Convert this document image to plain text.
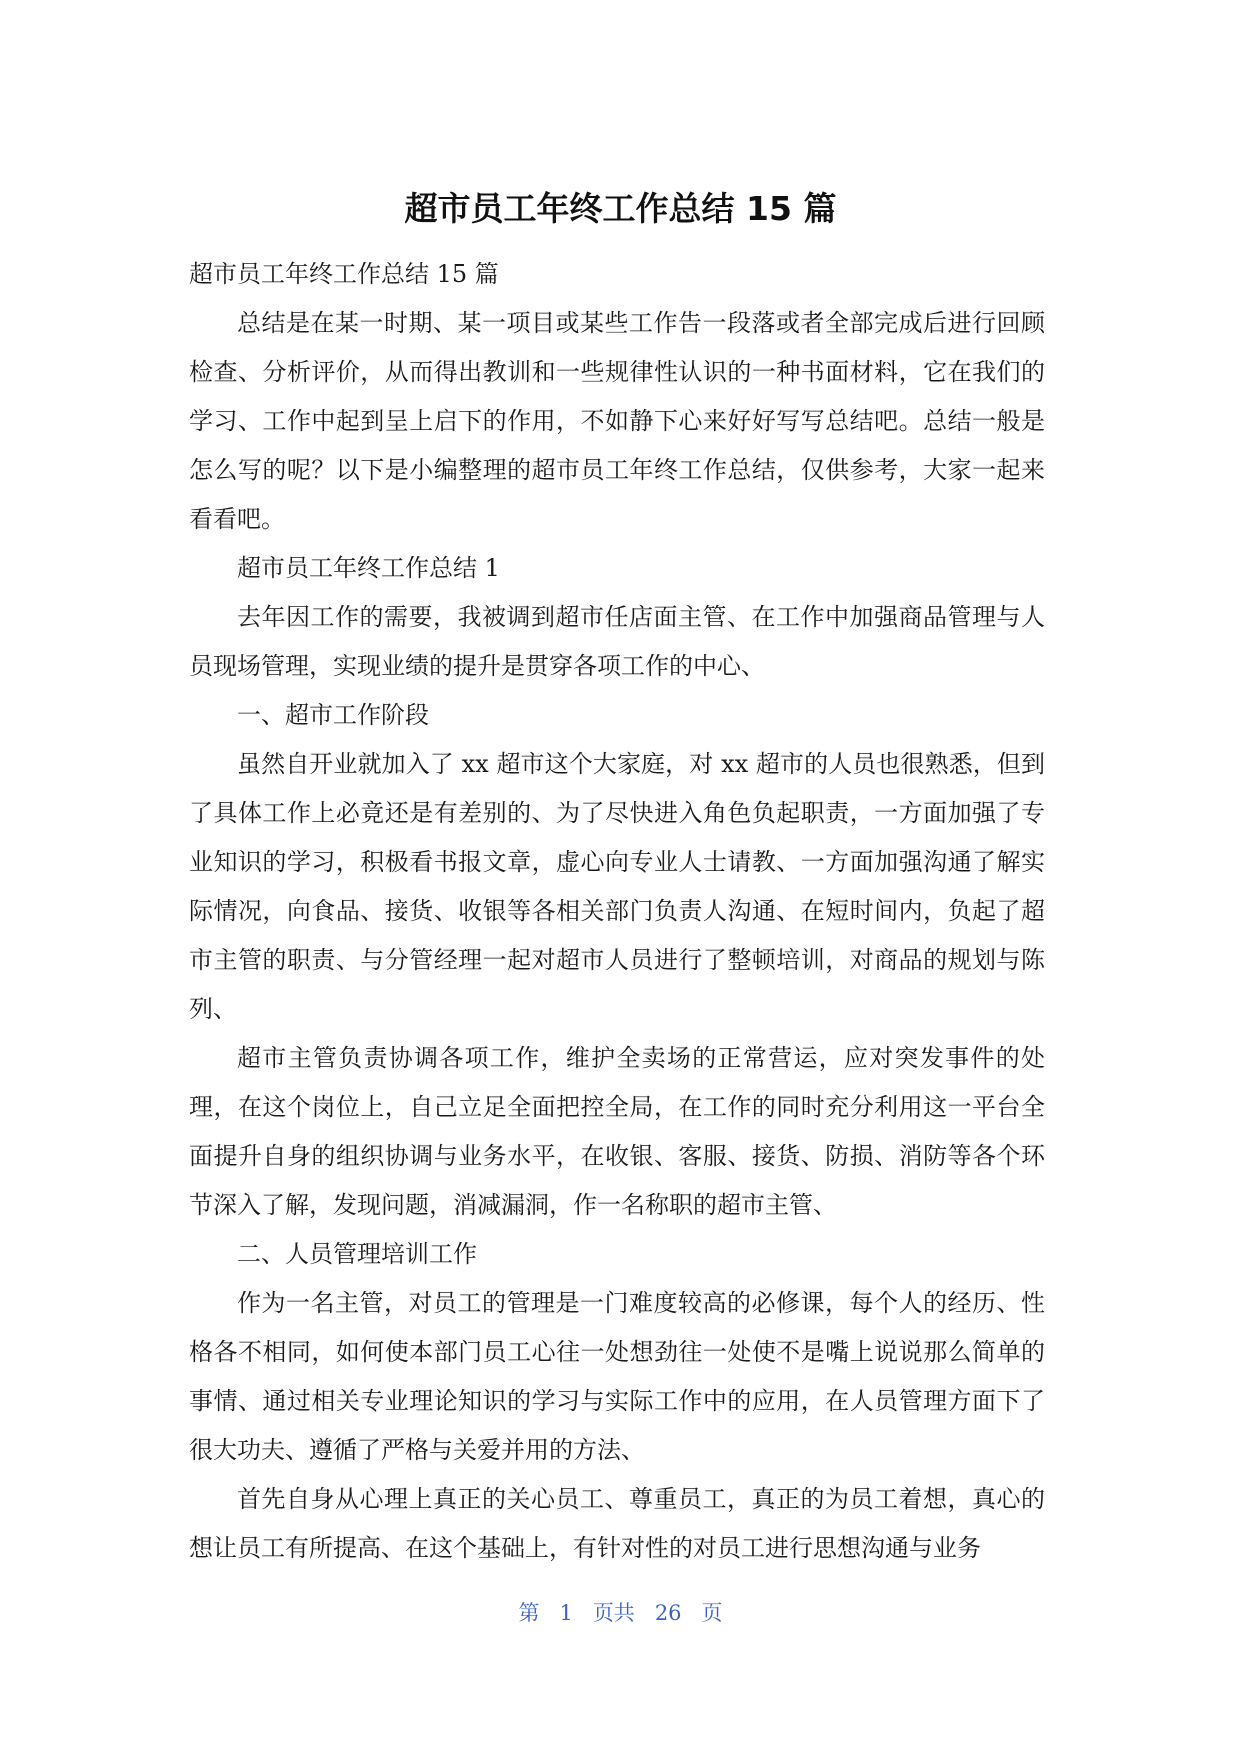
超市员工年终工作总结 15 篇

超市员工年终工作总结 15 篇

总结是在某一时期、某一项目或某些工作告一段落或者全部完成后进行回顾检查、分析评价，从而得出教训和一些规律性认识的一种书面材料，它在我们的学习、工作中起到呈上启下的作用，不如静下心来好好写写总结吧。总结一般是怎么写的呢？以下是小编整理的超市员工年终工作总结，仅供参考，大家一起来看看吧。

超市员工年终工作总结 1

去年因工作的需要，我被调到超市任店面主管、在工作中加强商品管理与人员现场管理，实现业绩的提升是贯穿各项工作的中心、

一、超市工作阶段

虽然自开业就加入了 xx 超市这个大家庭，对 xx 超市的人员也很熟悉，但到了具体工作上必竟还是有差别的、为了尽快进入角色负起职责，一方面加强了专业知识的学习，积极看书报文章，虚心向专业人士请教、一方面加强沟通了解实际情况，向食品、接货、收银等各相关部门负责人沟通、在短时间内，负起了超市主管的职责、与分管经理一起对超市人员进行了整顿培训，对商品的规划与陈列、

超市主管负责协调各项工作，维护全卖场的正常营运，应对突发事件的处理，在这个岗位上，自己立足全面把控全局，在工作的同时充分利用这一平台全面提升自身的组织协调与业务水平，在收银、客服、接货、防损、消防等各个环节深入了解，发现问题，消减漏洞，作一名称职的超市主管、

二、人员管理培训工作

作为一名主管，对员工的管理是一门难度较高的必修课，每个人的经历、性格各不相同，如何使本部门员工心往一处想劲往一处使不是嘴上说说那么简单的事情、通过相关专业理论知识的学习与实际工作中的应用，在人员管理方面下了很大功夫、遵循了严格与关爱并用的方法、

首先自身从心理上真正的关心员工、尊重员工，真正的为员工着想，真心的想让员工有所提高、在这个基础上，有针对性的对员工进行思想沟通与业务

第 1 页共 26 页
